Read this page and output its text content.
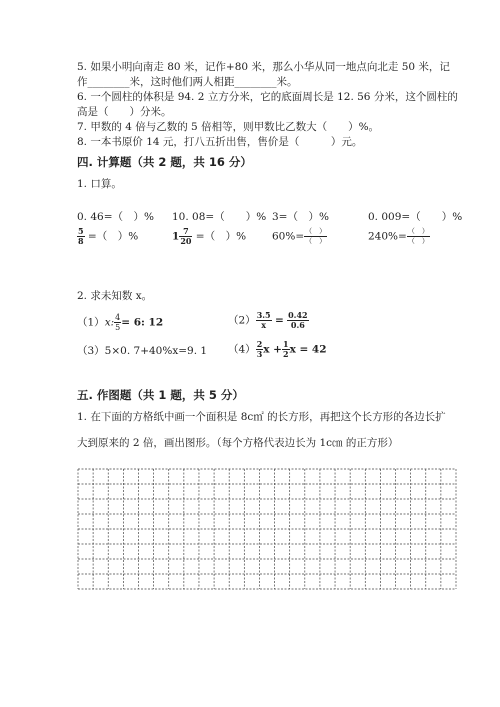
5. 如果小明向南走 80 米，记作+80 米，那么小华从同一地点向北走 50 米，记
作________米，这时他们两人相距________米。
6. 一个圆柱的体积是 94. 2 立方分米，它的底面周长是 12. 56 分米，这个圆柱的
高是（　　）分米。
7. 甲数的 4 倍与乙数的 5 倍相等，则甲数比乙数大（　　）%。
8. 一本书原价 14 元，打八五折出售，售价是（　　　）元。
四. 计算题（共 2 题，共 16 分）
1. 口算。
0. 46=（　）% 10. 08=（　　）% 3=（　）%	0. 009=（　　）%
$\frac{5}{8}$ =（　）%	$1 \frac{7}{20}$ =（　）% $60\%= \frac{( )}{( )}$	$240\%= \frac{( )}{( )}$
2. 求未知数 x。
（1）x: $\frac{4}{5} = 6$: 12	$(2) \frac{3.5}{x} = \frac{0.42}{0.6}$
（3）5×0. 7+40%x=9. 1 $(4) \frac{2}{3}$ $x + \frac{1}{2}$ x = 42
五. 作图题（共 1 题，共 5 分）
1. 在下面的方格纸中画一个面积是 8c㎡ 的长方形，再把这个长方形的各边长扩
大到原来的 2 倍，画出图形。（每个方格代表边长为 1c㎝ 的正方形）
